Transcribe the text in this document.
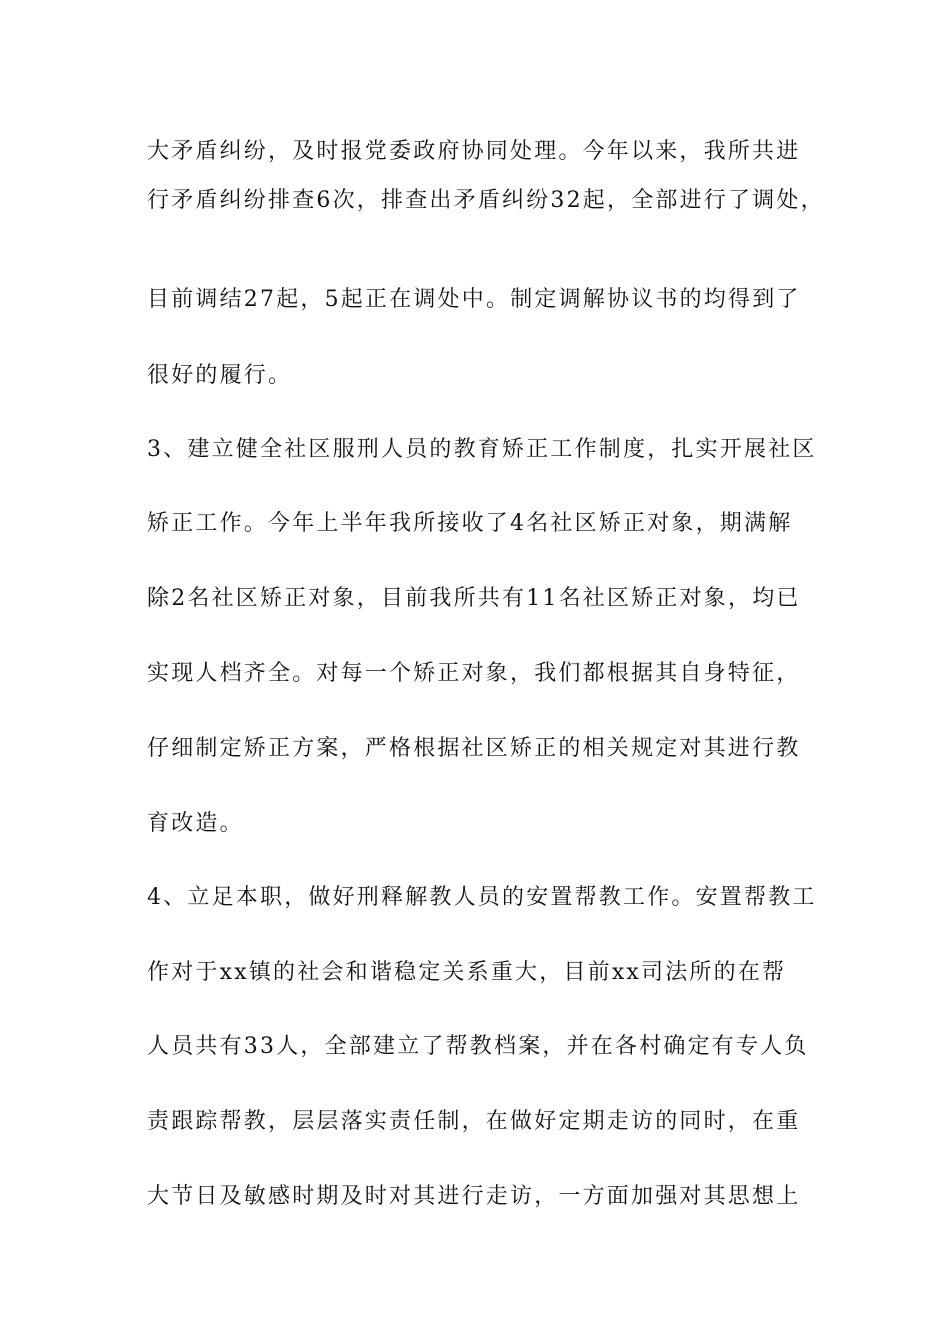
大矛盾纠纷，及时报党委政府协同处理。今年以来，我所共进
行矛盾纠纷排查6次，排查出矛盾纠纷32起，全部进行了调处，
目前调结27起，5起正在调处中。制定调解协议书的均得到了
很好的履行。
3、建立健全社区服刑人员的教育矫正工作制度，扎实开展社区
矫正工作。今年上半年我所接收了4名社区矫正对象，期满解
除2名社区矫正对象，目前我所共有11名社区矫正对象，均已
实现人档齐全。对每一个矫正对象，我们都根据其自身特征，
仔细制定矫正方案，严格根据社区矫正的相关规定对其进行教
育改造。
4、立足本职，做好刑释解教人员的安置帮教工作。安置帮教工
作对于xx镇的社会和谐稳定关系重大，目前xx司法所的在帮
人员共有33人，全部建立了帮教档案，并在各村确定有专人负
责跟踪帮教，层层落实责任制，在做好定期走访的同时，在重
大节日及敏感时期及时对其进行走访，一方面加强对其思想上
